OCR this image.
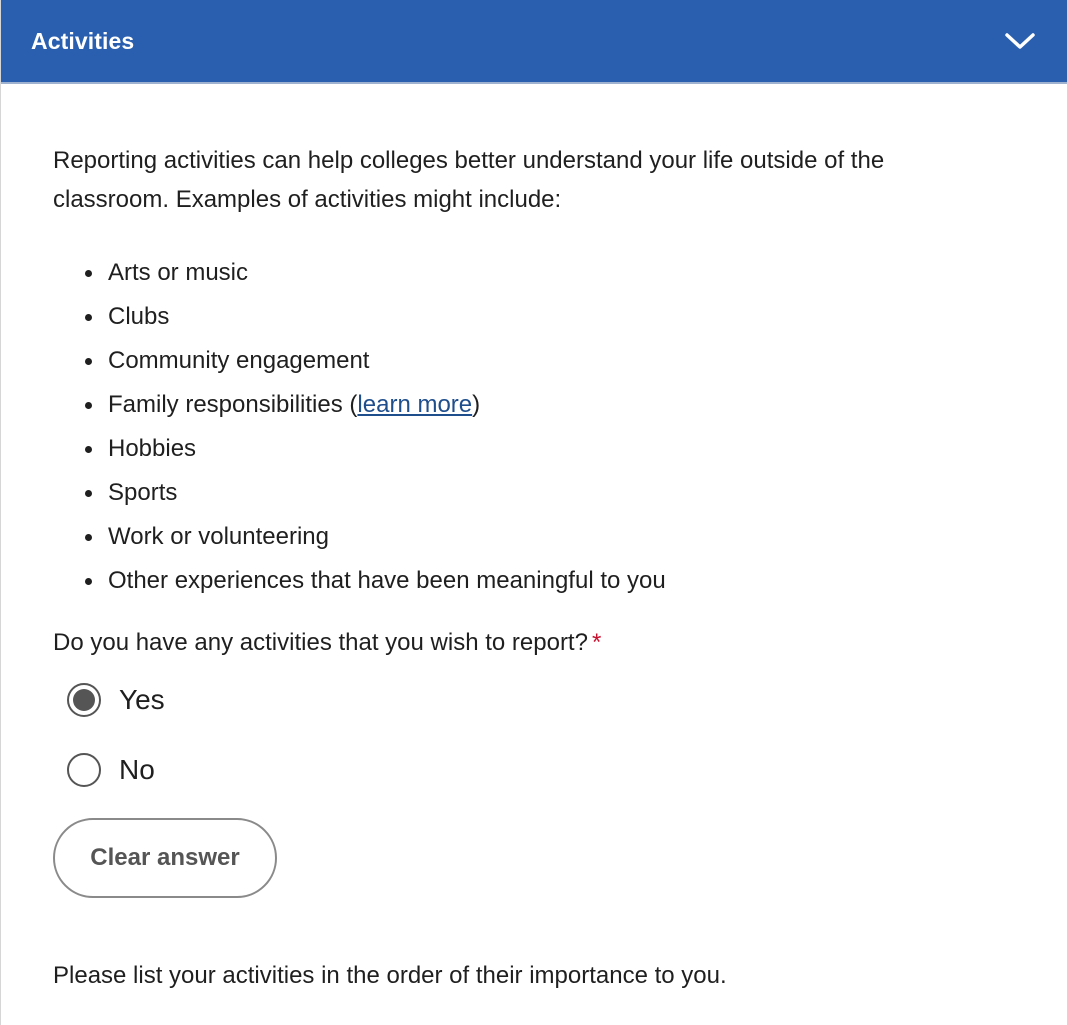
Activities

Reporting activities can help colleges better understand your life outside of the classroom. Examples of activities might include:

Arts or music
Clubs
Community engagement
Family responsibilities (learn more)
Hobbies
Sports
Work or volunteering
Other experiences that have been meaningful to you

Do you have any activities that you wish to report? *

Yes
No
Clear answer

Please list your activities in the order of their importance to you.
